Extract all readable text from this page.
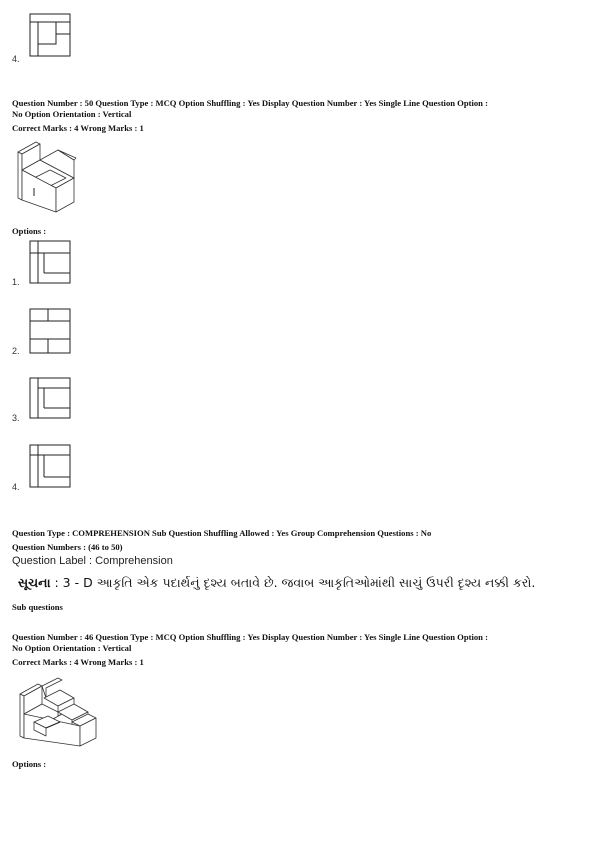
4.
Question Number : 50 Question Type : MCQ Option Shuffling : Yes Display Question Number : Yes Single Line Question Option :
No Option Orientation : Vertical
Correct Marks : 4 Wrong Marks : 1
Options :
1.
2.
3.
4.
Question Type : COMPREHENSION Sub Question Shuffling Allowed : Yes Group Comprehension Questions : No
Question Numbers : (46 to 50)
Question Label : Comprehension
સૂચના : 3 - D આકૃતિ એક પદાર્થનું દૃશ્ય બતાવે છે. જવાબ આકૃતિઓમાંથી સાચું ઉપરી દૃશ્ય નક્કી કરો.
Sub questions
Question Number : 46 Question Type : MCQ Option Shuffling : Yes Display Question Number : Yes Single Line Question Option :
No Option Orientation : Vertical
Correct Marks : 4 Wrong Marks : 1
Options :
